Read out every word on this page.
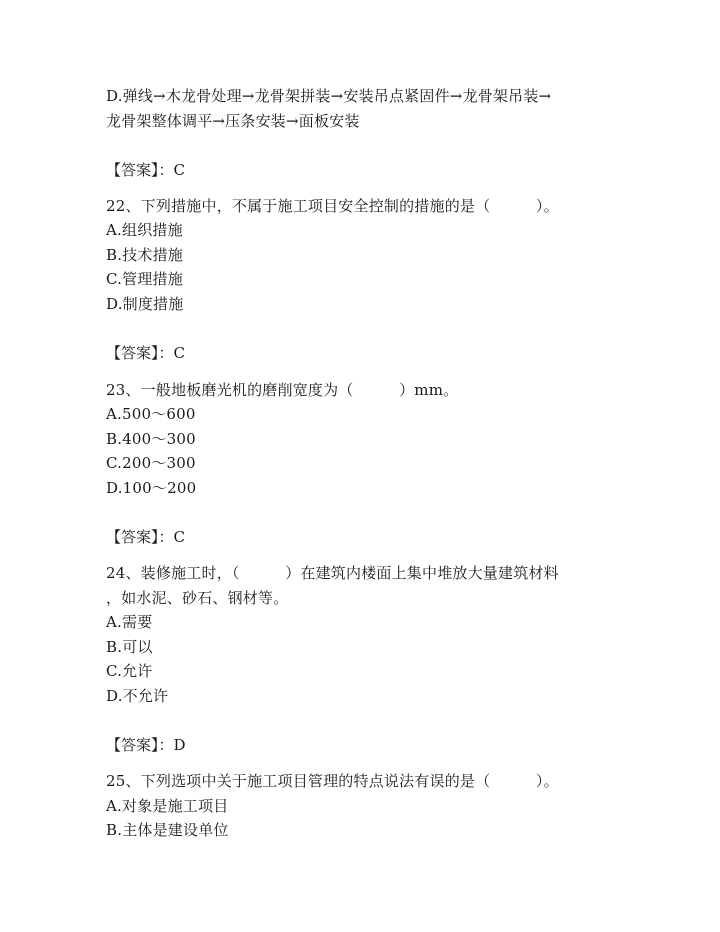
D.弹线→木龙骨处理→龙骨架拼装→安装吊点紧固件→龙骨架吊装→
龙骨架整体调平→压条安装→面板安装
【答案】：C
22、下列措施中，不属于施工项目安全控制的措施的是（　　　）。
A.组织措施
B.技术措施
C.管理措施
D.制度措施
【答案】：C
23、一般地板磨光机的磨削宽度为（　　　）mm。
A.500～600
B.400～300
C.200～300
D.100～200
【答案】：C
24、装修施工时，（　　　）在建筑内楼面上集中堆放大量建筑材料
，如水泥、砂石、钢材等。
A.需要
B.可以
C.允许
D.不允许
【答案】：D
25、下列选项中关于施工项目管理的特点说法有误的是（　　　）。
A.对象是施工项目
B.主体是建设单位
